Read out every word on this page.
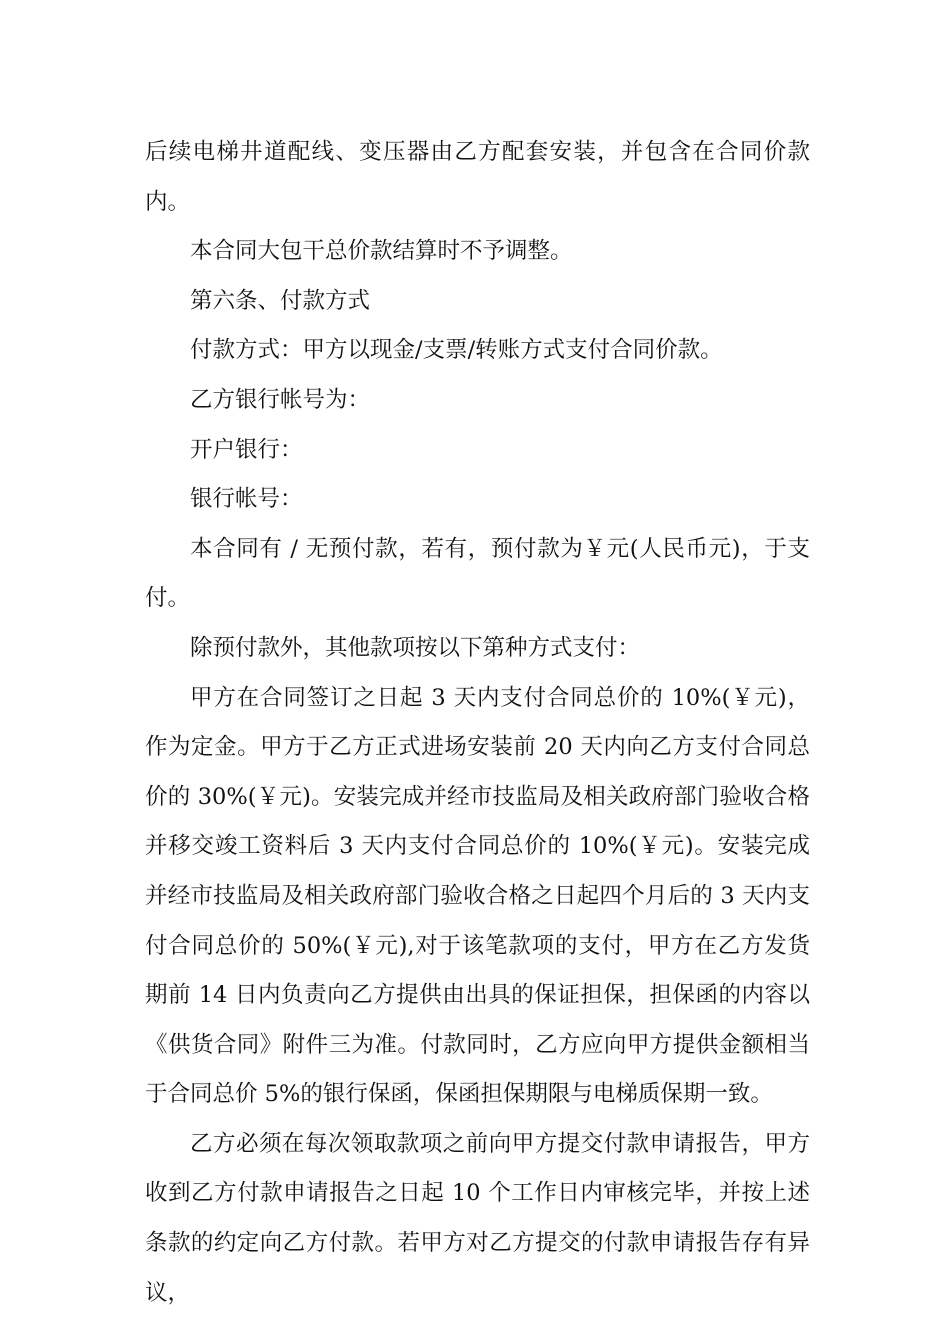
后续电梯井道配线、变压器由乙方配套安装，并包含在合同价款内。

本合同大包干总价款结算时不予调整。

第六条、付款方式

付款方式：甲方以现金/支票/转账方式支付合同价款。

乙方银行帐号为：

开户银行：

银行帐号：

本合同有 / 无预付款，若有，预付款为￥元(人民币元)，于支付。

除预付款外，其他款项按以下第种方式支付：

甲方在合同签订之日起 3 天内支付合同总价的 10%(￥元)，作为定金。甲方于乙方正式进场安装前 20 天内向乙方支付合同总价的 30%(￥元)。安装完成并经市技监局及相关政府部门验收合格并移交竣工资料后 3 天内支付合同总价的 10%(￥元)。安装完成并经市技监局及相关政府部门验收合格之日起四个月后的 3 天内支付合同总价的 50%(￥元),对于该笔款项的支付，甲方在乙方发货期前 14 日内负责向乙方提供由出具的保证担保，担保函的内容以《供货合同》附件三为准。付款同时，乙方应向甲方提供金额相当于合同总价 5%的银行保函，保函担保期限与电梯质保期一致。

乙方必须在每次领取款项之前向甲方提交付款申请报告，甲方收到乙方付款申请报告之日起 10 个工作日内审核完毕，并按上述条款的约定向乙方付款。若甲方对乙方提交的付款申请报告存有异议，
